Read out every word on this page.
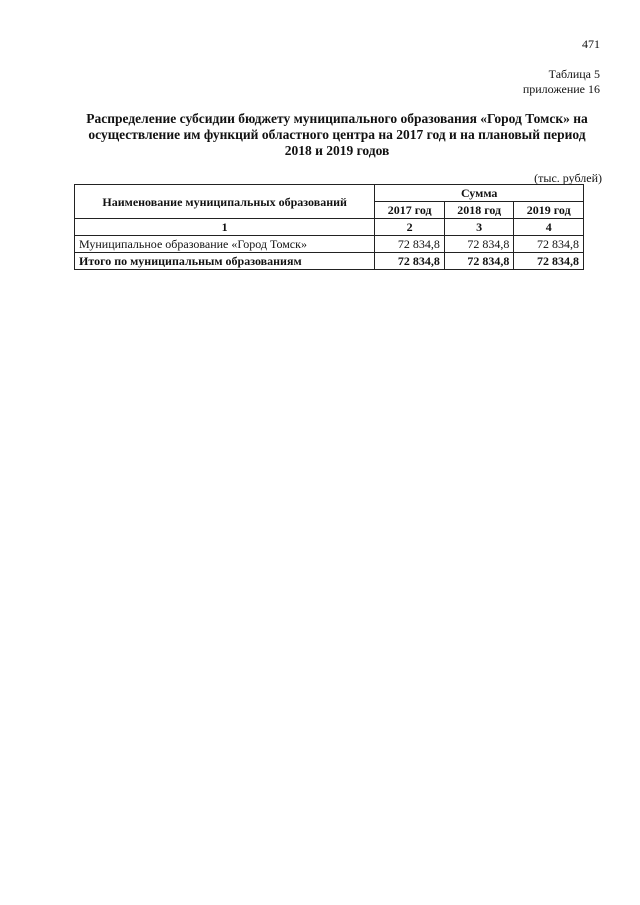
471
Таблица 5
приложение 16
Распределение субсидии бюджету муниципального образования «Город Томск» на
осуществление им функций областного центра на 2017 год и на плановый период
2018 и 2019 годов
(тыс. рублей)
Наименование муниципальных образований	Сумма		
	2017 год	2018 год	2019 год
1	2	3	4
Муниципальное образование «Город Томск»	72 834,8	72 834,8	72 834,8
Итого по муниципальным образованиям	72 834,8	72 834,8	72 834,8
